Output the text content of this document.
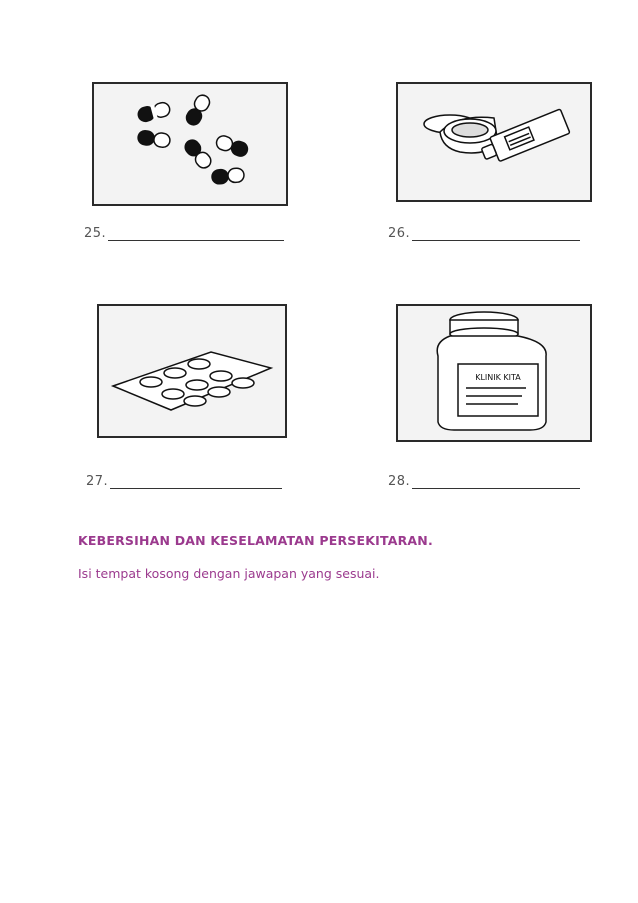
25.	26.
27.
KLINIK KITA
28.
KEBERSIHAN DAN KESELAMATAN PERSEKITARAN.
Isi tempat kosong dengan jawapan yang sesuai.
